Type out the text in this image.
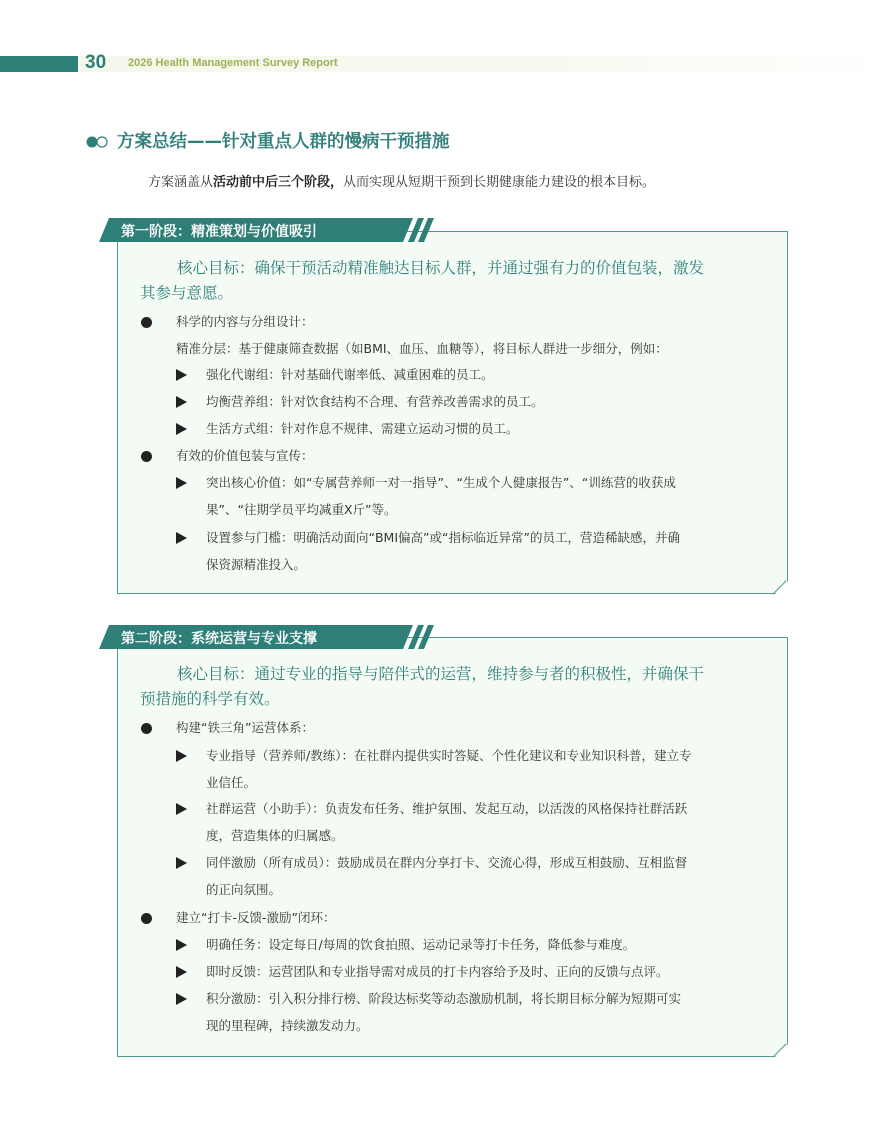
30 2026 Health Management Survey Report
方案总结——针对重点人群的慢病干预措施
方案涵盖从活动前中后三个阶段，从而实现从短期干预到长期健康能力建设的根本目标。
第一阶段：精准策划与价值吸引
核心目标：确保干预活动精准触达目标人群，并通过强有力的价值包装，激发
其参与意愿。
科学的内容与分组设计：
精准分层：基于健康筛查数据（如BMI、血压、血糖等），将目标人群进一步细分，例如：
强化代谢组：针对基础代谢率低、减重困难的员工。
均衡营养组：针对饮食结构不合理、有营养改善需求的员工。
生活方式组：针对作息不规律、需建立运动习惯的员工。
有效的价值包装与宣传：
突出核心价值：如“专属营养师一对一指导”、“生成个人健康报告”、“训练营的收获成
果”、“往期学员平均减重X斤”等。
设置参与门槛：明确活动面向“BMI偏高”或“指标临近异常”的员工，营造稀缺感，并确
保资源精准投入。
第二阶段：系统运营与专业支撑
核心目标：通过专业的指导与陪伴式的运营，维持参与者的积极性，并确保干
预措施的科学有效。
构建“铁三角”运营体系：
专业指导（营养师/教练）：在社群内提供实时答疑、个性化建议和专业知识科普，建立专
业信任。
社群运营（小助手）：负责发布任务、维护氛围、发起互动，以活泼的风格保持社群活跃
度，营造集体的归属感。
同伴激励（所有成员）：鼓励成员在群内分享打卡、交流心得，形成互相鼓励、互相监督
的正向氛围。
建立“打卡-反馈-激励”闭环：
明确任务：设定每日/每周的饮食拍照、运动记录等打卡任务，降低参与难度。
即时反馈：运营团队和专业指导需对成员的打卡内容给予及时、正向的反馈与点评。
积分激励：引入积分排行榜、阶段达标奖等动态激励机制，将长期目标分解为短期可实
现的里程碑，持续激发动力。
